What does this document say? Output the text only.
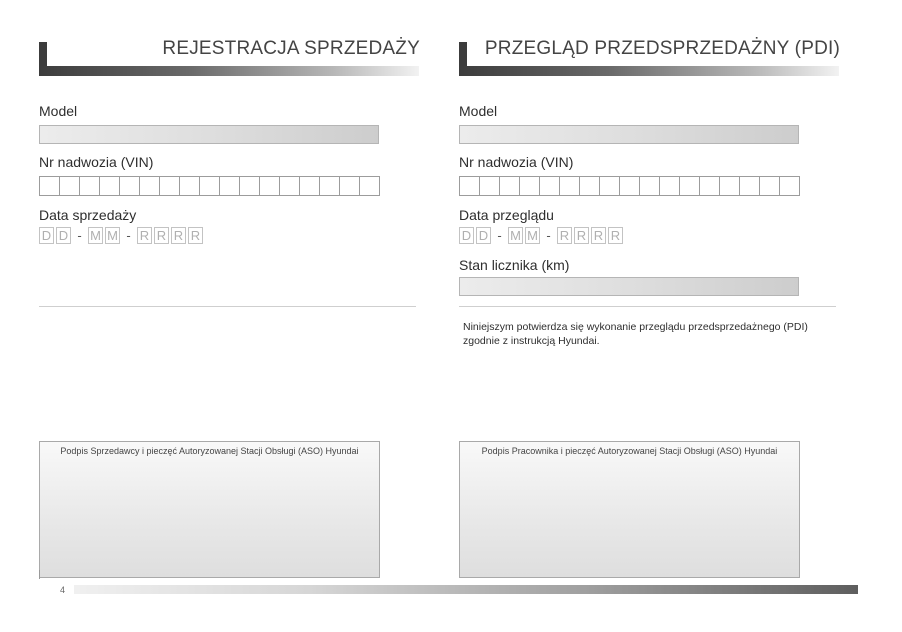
REJESTRACJA SPRZEDAŻY
Model
Nr nadwozia (VIN)
Data sprzedaży
D D - M M - R R R R
Podpis Sprzedawcy i pieczęć Autoryzowanej Stacji Obsługi (ASO) Hyundai
PRZEGLĄD PRZEDSPRZEDAŻNY (PDI)
Model
Nr nadwozia (VIN)
Data przeglądu
D D - M M - R R R R
Stan licznika (km)
Niniejszym potwierdza się wykonanie przeglądu przedsprzedażnego (PDI) zgodnie z instrukcją Hyundai.
Podpis Pracownika i pieczęć Autoryzowanej Stacji Obsługi (ASO) Hyundai
4
